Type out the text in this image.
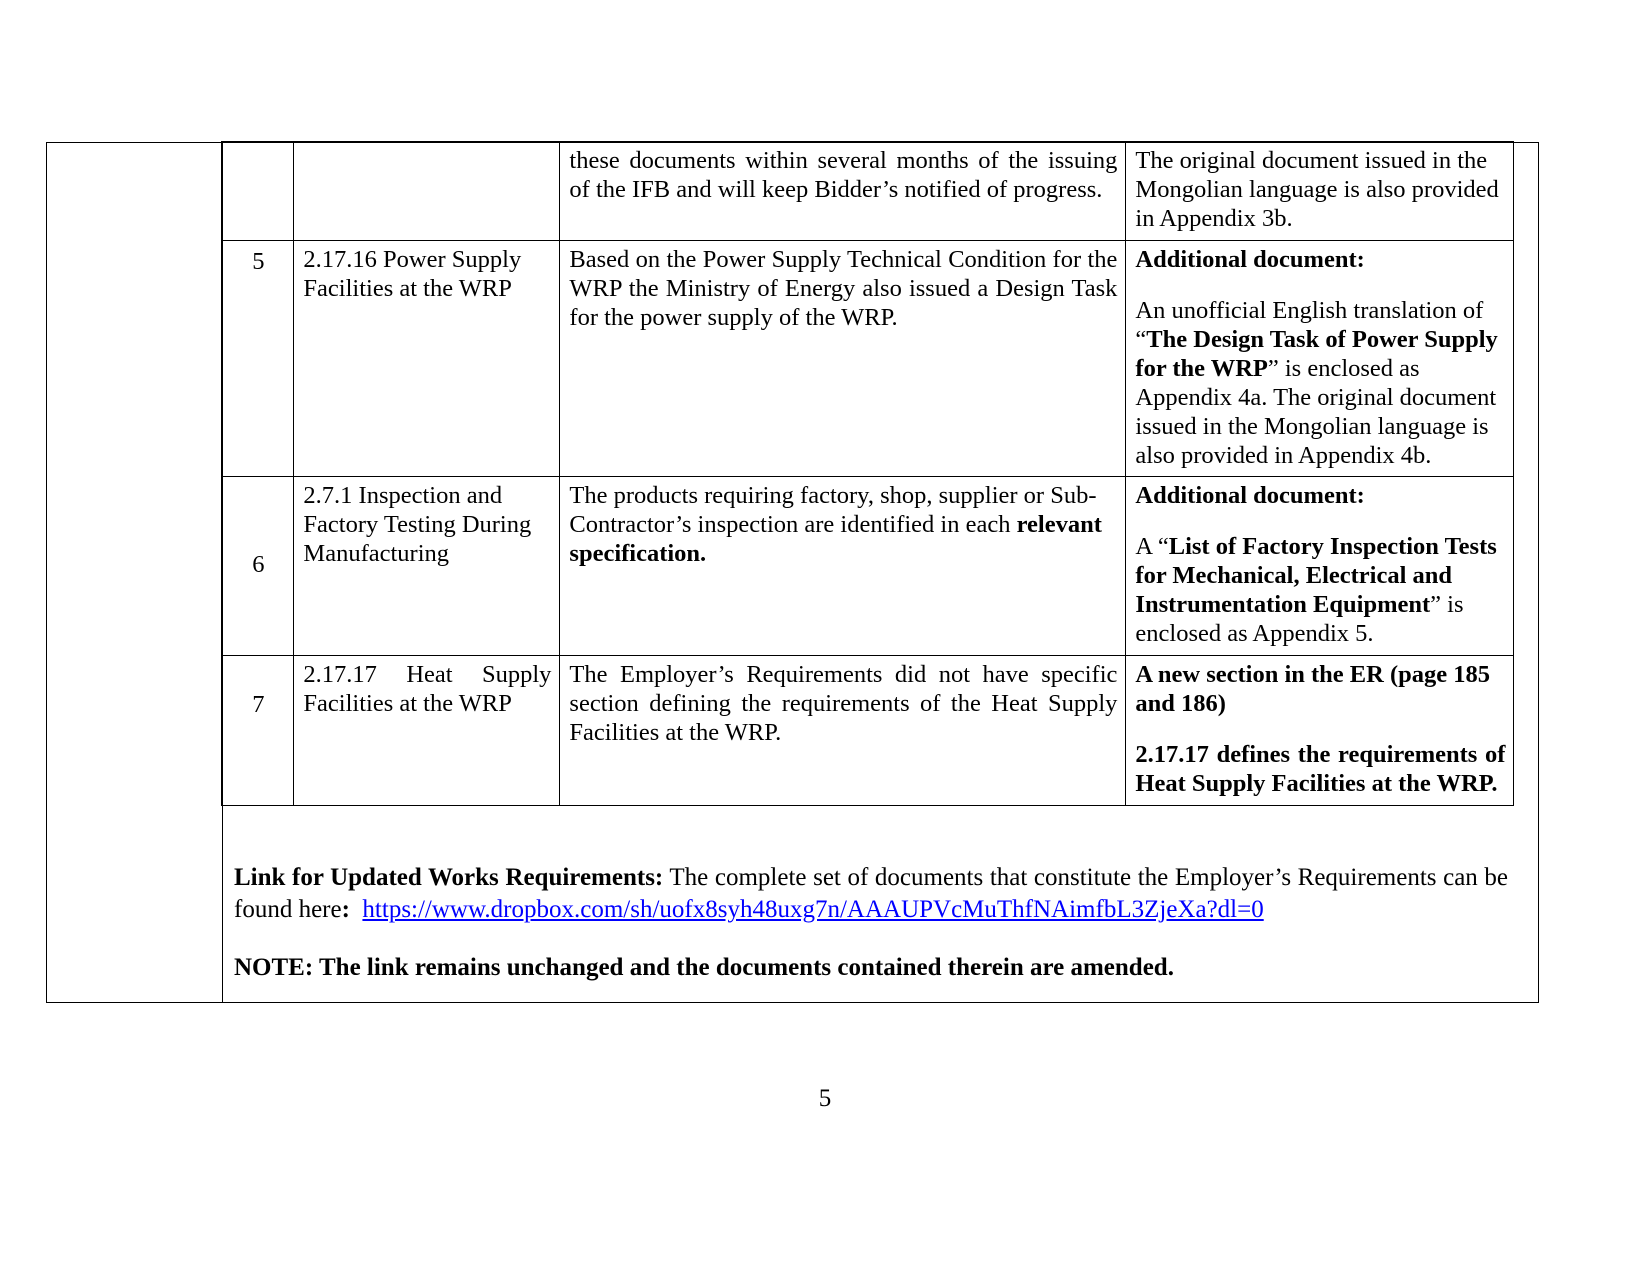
		these documents within several months of the issuing of the IFB and will keep Bidder’s notified of progress.	The original document issued in the Mongolian language is also provided in Appendix 3b.
5	2.17.16 Power Supply Facilities at the WRP	Based on the Power Supply Technical Condition for the WRP the Ministry of Energy also issued a Design Task for the power supply of the WRP.	Additional document:
An unofficial English translation of “The Design Task of Power Supply for the WRP” is enclosed as Appendix 4a. The original document issued in the Mongolian language is also provided in Appendix 4b.
6	2.7.1 Inspection and Factory Testing During Manufacturing	The products requiring factory, shop, supplier or Sub-Contractor’s inspection are identified in each relevant specification.	Additional document:
A “List of Factory Inspection Tests for Mechanical, Electrical and Instrumentation Equipment” is enclosed as Appendix 5.
7	2.17.17 Heat Supply Facilities at the WRP	The Employer’s Requirements did not have specific section defining the requirements of the Heat Supply Facilities at the WRP.	A new section in the ER (page 185 and 186)
2.17.17 defines the requirements of Heat Supply Facilities at the WRP.

Link for Updated Works Requirements: The complete set of documents that constitute the Employer’s Requirements can be found here: https://www.dropbox.com/sh/uofx8syh48uxg7n/AAAUPVcMuThfNAimfbL3ZjeXa?dl=0

NOTE: The link remains unchanged and the documents contained therein are amended.

5
